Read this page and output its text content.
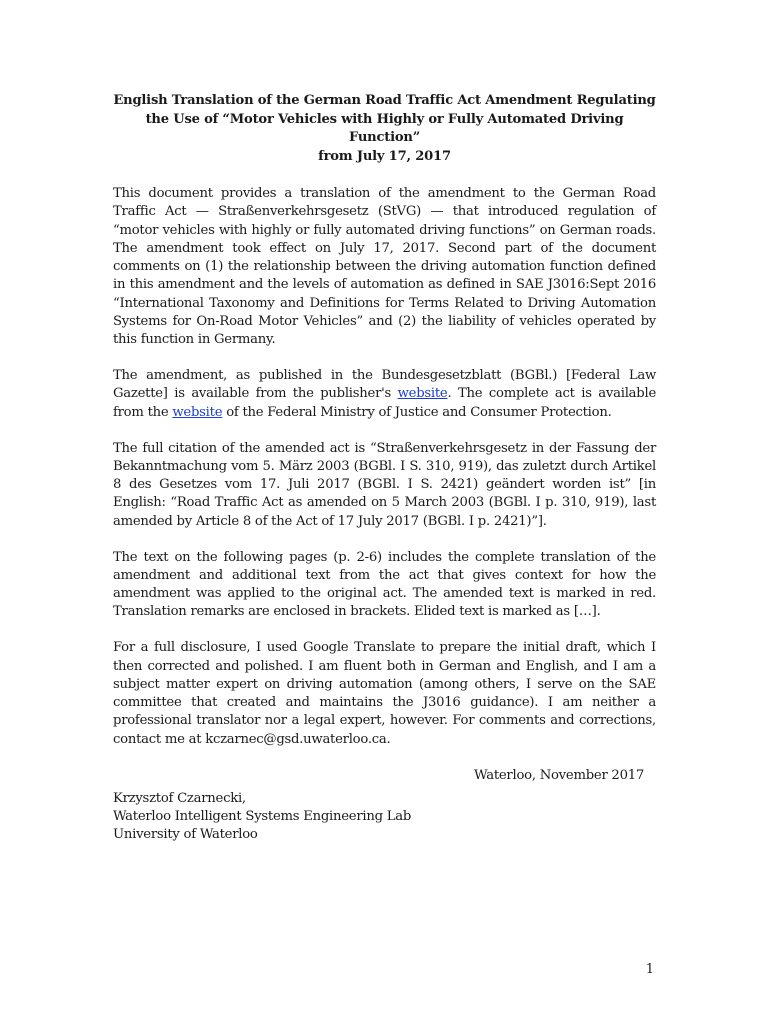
English Translation of the German Road Traffic Act Amendment Regulating
the Use of “Motor Vehicles with Highly or Fully Automated Driving Function”
from July 17, 2017

This document provides a translation of the amendment to the German Road Traffic Act — Straßenverkehrsgesetz (StVG) — that introduced regulation of “motor vehicles with highly or fully automated driving functions” on German roads. The amendment took effect on July 17, 2017. Second part of the document comments on (1) the relationship between the driving automation function defined in this amendment and the levels of automation as defined in SAE J3016:Sept 2016 “International Taxonomy and Definitions for Terms Related to Driving Automation Systems for On-Road Motor Vehicles” and (2) the liability of vehicles operated by this function in Germany.

The amendment, as published in the Bundesgesetzblatt (BGBl.) [Federal Law Gazette] is available from the publisher's website. The complete act is available from the website of the Federal Ministry of Justice and Consumer Protection.

The full citation of the amended act is “Straßenverkehrsgesetz in der Fassung der Bekanntmachung vom 5. März 2003 (BGBl. I S. 310, 919), das zuletzt durch Artikel 8 des Gesetzes vom 17. Juli 2017 (BGBl. I S. 2421) geändert worden ist” [in English: “Road Traffic Act as amended on 5 March 2003 (BGBl. I p. 310, 919), last amended by Article 8 of the Act of 17 July 2017 (BGBl. I p. 2421)”].

The text on the following pages (p. 2-6) includes the complete translation of the amendment and additional text from the act that gives context for how the amendment was applied to the original act. The amended text is marked in red. Translation remarks are enclosed in brackets. Elided text is marked as […].

For a full disclosure, I used Google Translate to prepare the initial draft, which I then corrected and polished. I am fluent both in German and English, and I am a subject matter expert on driving automation (among others, I serve on the SAE committee that created and maintains the J3016 guidance). I am neither a professional translator nor a legal expert, however. For comments and corrections, contact me at kczarnec@gsd.uwaterloo.ca.

Waterloo, November 2017

Krzysztof Czarnecki,

Waterloo Intelligent Systems Engineering Lab

University of Waterloo

1
